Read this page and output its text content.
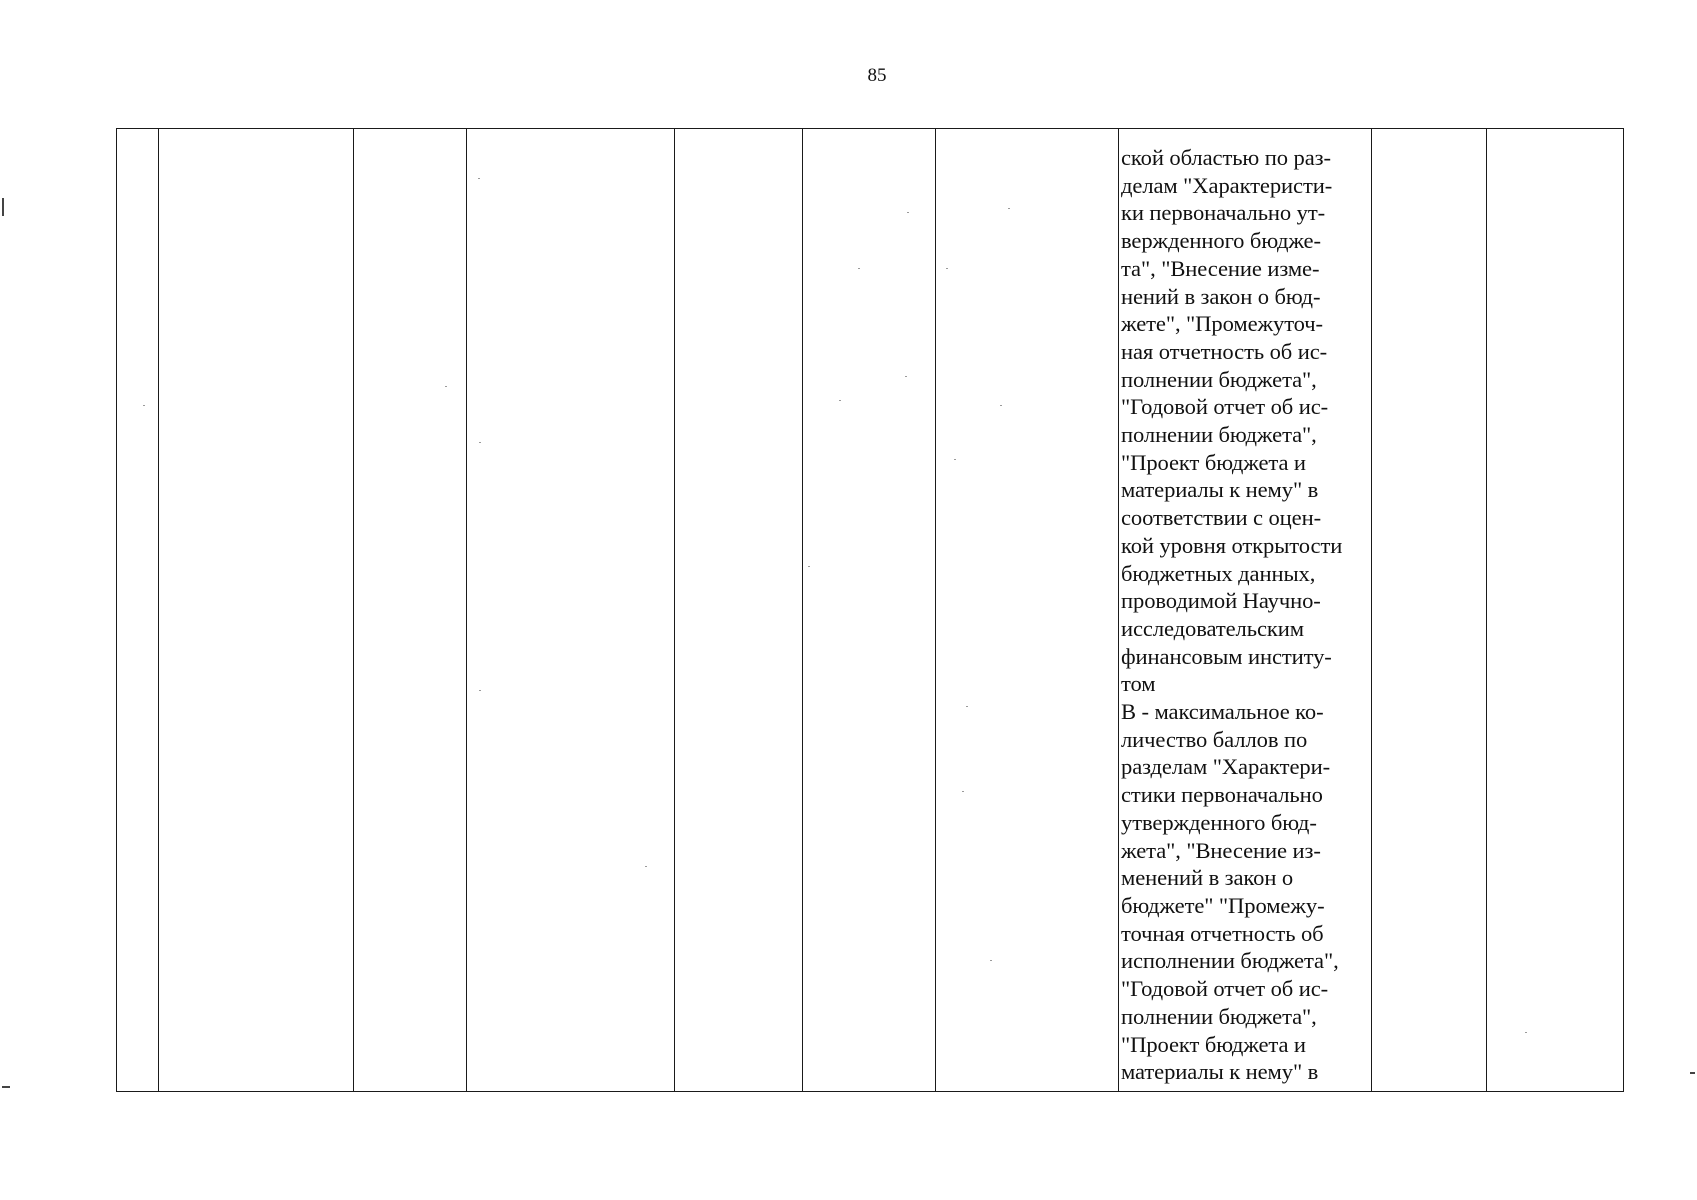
85
ской областью по раз-
делам "Характеристи-
ки первоначально ут-
вержденного бюдже-
та", "Внесение изме-
нений в закон о бюд-
жете", "Промежуточ-
ная отчетность об ис-
полнении бюджета",
"Годовой отчет об ис-
полнении бюджета",
"Проект бюджета и
материалы к нему" в
соответствии с оцен-
кой уровня открытости
бюджетных данных,
проводимой Научно-
исследовательским
финансовым институ-
том
В - максимальное ко-
личество баллов по
разделам "Характери-
стики первоначально
утвержденного бюд-
жета", "Внесение из-
менений в закон о
бюджете" "Промежу-
точная отчетность об
исполнении бюджета",
"Годовой отчет об ис-
полнении бюджета",
"Проект бюджета и
материалы к нему" в
